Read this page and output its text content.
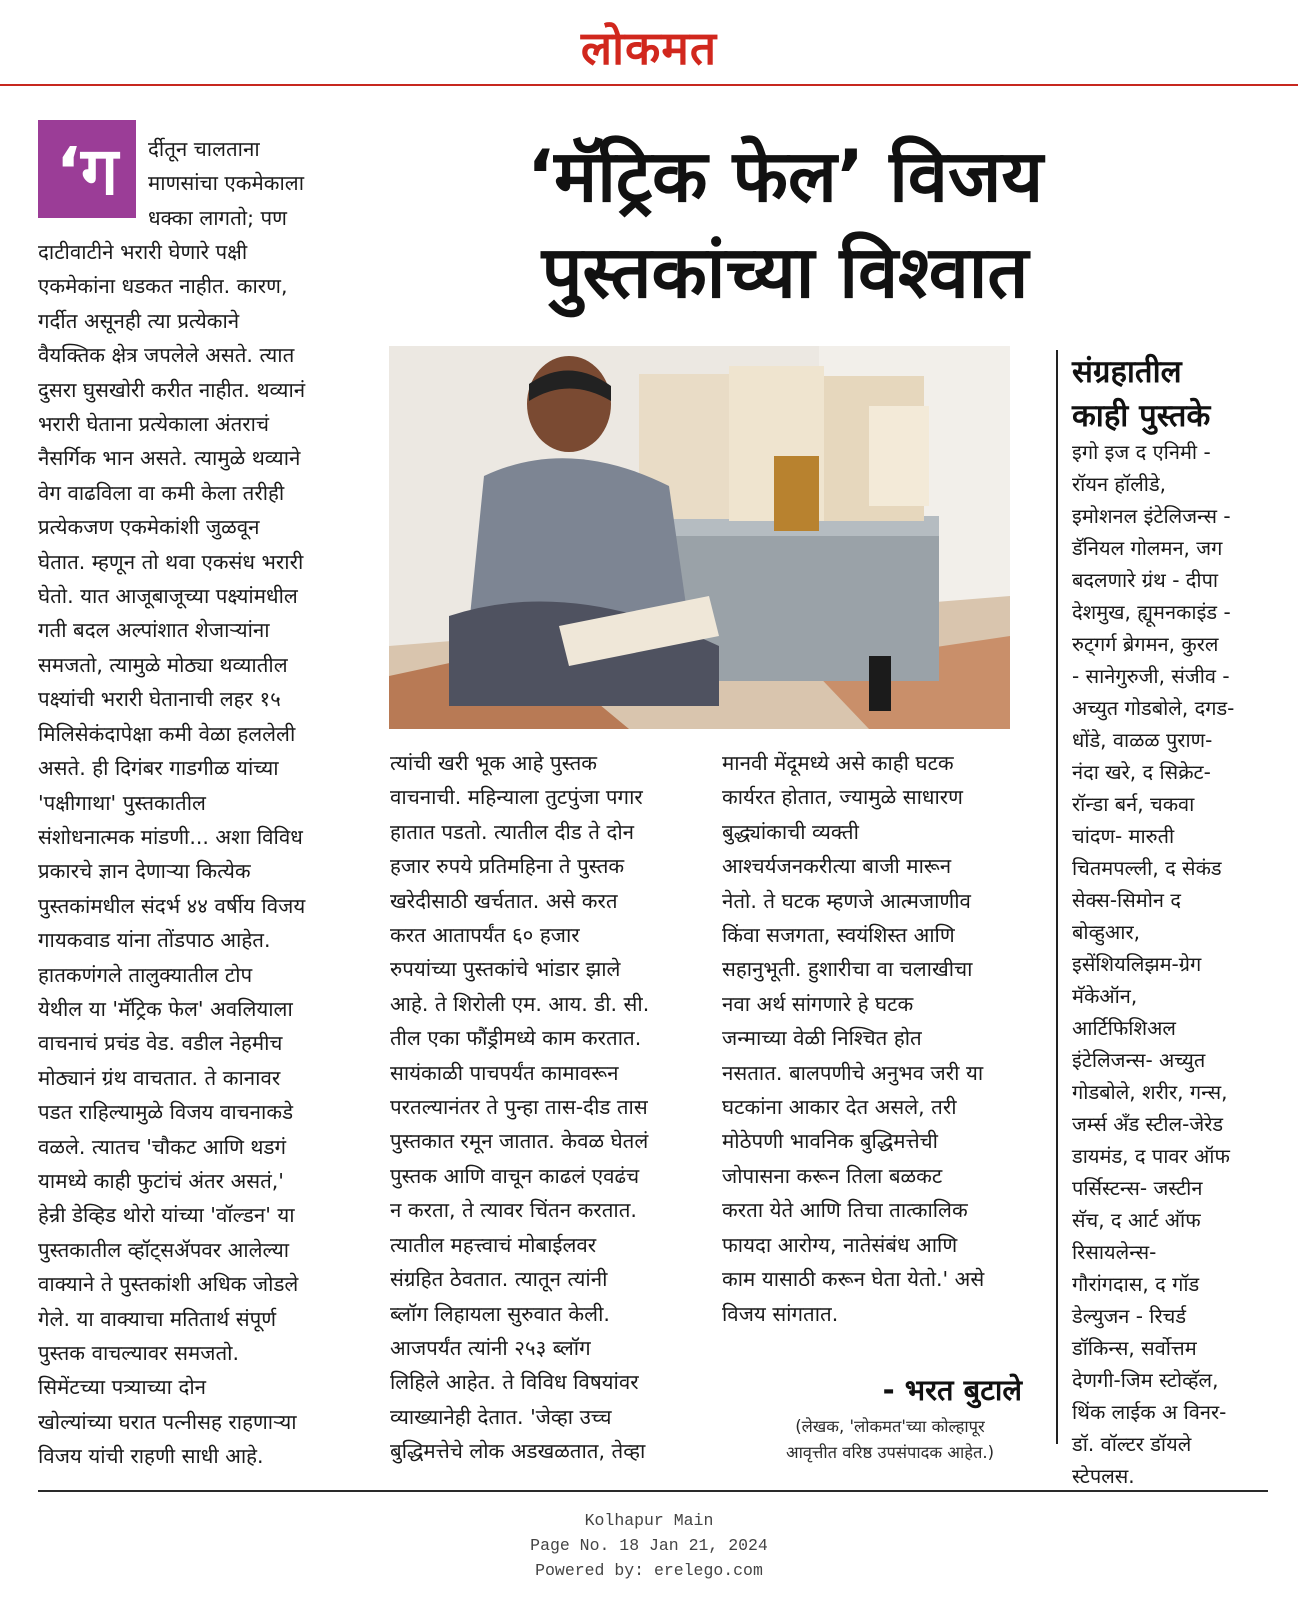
लोकमत
‘ग	र्दीतून चालताना

माणसांचा एकमेकाला

धक्का लागतो; पण

दाटीवाटीने भरारी घेणारे पक्षी

एकमेकांना धडकत नाहीत. कारण,

गर्दीत असूनही त्या प्रत्येकाने

वैयक्तिक क्षेत्र जपलेले असते. त्यात

दुसरा घुसखोरी करीत नाहीत. थव्यानं

भरारी घेताना प्रत्येकाला अंतराचं

नैसर्गिक भान असते. त्यामुळे थव्याने

वेग वाढविला वा कमी केला तरीही

प्रत्येकजण एकमेकांशी जुळवून

घेतात. म्हणून तो थवा एकसंध भरारी

घेतो. यात आजूबाजूच्या पक्ष्यांमधील

गती बदल अल्पांशात शेजाऱ्यांना

समजतो, त्यामुळे मोठ्या थव्यातील

पक्ष्यांची भरारी घेतानाची लहर १५

मिलिसेकंदापेक्षा कमी वेळा हललेली

असते. ही दिगंबर गाडगीळ यांच्या

'पक्षीगाथा' पुस्तकातील

संशोधनात्मक मांडणी... अशा विविध

प्रकारचे ज्ञान देणाऱ्या कित्येक

पुस्तकांमधील संदर्भ ४४ वर्षीय विजय

गायकवाड यांना तोंडपाठ आहेत.

हातकणंगले तालुक्यातील टोप

येथील या 'मॅट्रिक फेल' अवलियाला

वाचनाचं प्रचंड वेड. वडील नेहमीच

मोठ्यानं ग्रंथ वाचतात. ते कानावर

पडत राहिल्यामुळे विजय वाचनाकडे

वळले. त्यातच 'चौकट आणि थडगं

यामध्ये काही फुटांचं अंतर असतं,'

हेन्री डेव्हिड थोरो यांच्या 'वॉल्डन' या

पुस्तकातील व्हॉट्सॲपवर आलेल्या

वाक्याने ते पुस्तकांशी अधिक जोडले

गेले. या वाक्याचा मतितार्थ संपूर्ण

पुस्तक वाचल्यावर समजतो.

सिमेंटच्या पत्र्याच्या दोन

खोल्यांच्या घरात पत्नीसह राहणाऱ्या

विजय यांची राहणी साधी आहे.

‘मॅट्रिक फेल’ विजय
पुस्तकांच्या विश्वात

त्यांची खरी भूक आहे पुस्तक

वाचनाची. महिन्याला तुटपुंजा पगार

हातात पडतो. त्यातील दीड ते दोन

हजार रुपये प्रतिमहिना ते पुस्तक

खरेदीसाठी खर्चतात. असे करत

करत आतापर्यंत ६० हजार

रुपयांच्या पुस्तकांचे भांडार झाले

आहे. ते शिरोली एम. आय. डी. सी.

तील एका फौंड्रीमध्ये काम करतात.

सायंकाळी पाचपर्यंत कामावरून

परतल्यानंतर ते पुन्हा तास-दीड तास

पुस्तकात रमून जातात. केवळ घेतलं

पुस्तक आणि वाचून काढलं एवढंच

न करता, ते त्यावर चिंतन करतात.

त्यातील महत्त्वाचं मोबाईलवर

संग्रहित ठेवतात. त्यातून त्यांनी

ब्लॉग लिहायला सुरुवात केली.

आजपर्यंत त्यांनी २५३ ब्लॉग

लिहिले आहेत. ते विविध विषयांवर

व्याख्यानेही देतात. 'जेव्हा उच्च

बुद्धिमत्तेचे लोक अडखळतात, तेव्हा

मानवी मेंदूमध्ये असे काही घटक

कार्यरत होतात, ज्यामुळे साधारण

बुद्ध्यांकाची व्यक्ती

आश्चर्यजनकरीत्या बाजी मारून

नेतो. ते घटक म्हणजे आत्मजाणीव

किंवा सजगता, स्वयंशिस्त आणि

सहानुभूती. हुशारीचा वा चलाखीचा

नवा अर्थ सांगणारे हे घटक

जन्माच्या वेळी निश्चित होत

नसतात. बालपणीचे अनुभव जरी या

घटकांना आकार देत असले, तरी

मोठेपणी भावनिक बुद्धिमत्तेची

जोपासना करून तिला बळकट

करता येते आणि तिचा तात्कालिक

फायदा आरोग्य, नातेसंबंध आणि

काम यासाठी करून घेता येतो.' असे

विजय सांगतात.

- भरत बुटाले
(लेखक, 'लोकमत'च्या कोल्हापूर
आवृत्तीत वरिष्ठ उपसंपादक आहेत.)
संग्रहातील
काही पुस्तके

इगो इज द एनिमी -

रॉयन हॉलीडे,

इमोशनल इंटेलिजन्स -

डॅनियल गोलमन, जग

बदलणारे ग्रंथ - दीपा

देशमुख, ह्यूमनकाइंड -

रुट्गर्ग ब्रेगमन, कुरल

- सानेगुरुजी, संजीव -

अच्युत गोडबोले, दगड-

धोंडे, वाळळ पुराण-

नंदा खरे, द सिक्रेट-

रॉन्डा बर्न, चकवा

चांदण- मारुती

चितमपल्ली, द सेकंड

सेक्स-सिमोन द

बोव्हुआर,

इसेंशियलिझम-ग्रेग

मॅकेऑन,

आर्टिफिशिअल

इंटेलिजन्स- अच्युत

गोडबोले, शरीर, गन्स,

जर्म्स अँड स्टील-जेरेड

डायमंड, द पावर ऑफ

पर्सिस्टन्स- जस्टीन

सॅच, द आर्ट ऑफ

रिसायलेन्स-

गौरांगदास, द गॉड

डेल्युजन - रिचर्ड

डॉकिन्स, सर्वोत्तम

देणगी-जिम स्टोव्हॅल,

थिंक लाईक अ विनर-

डॉ. वॉल्टर डॉयले

स्टेपलस.

Kolhapur Main
Page No. 18 Jan 21, 2024
Powered by: erelego.com
